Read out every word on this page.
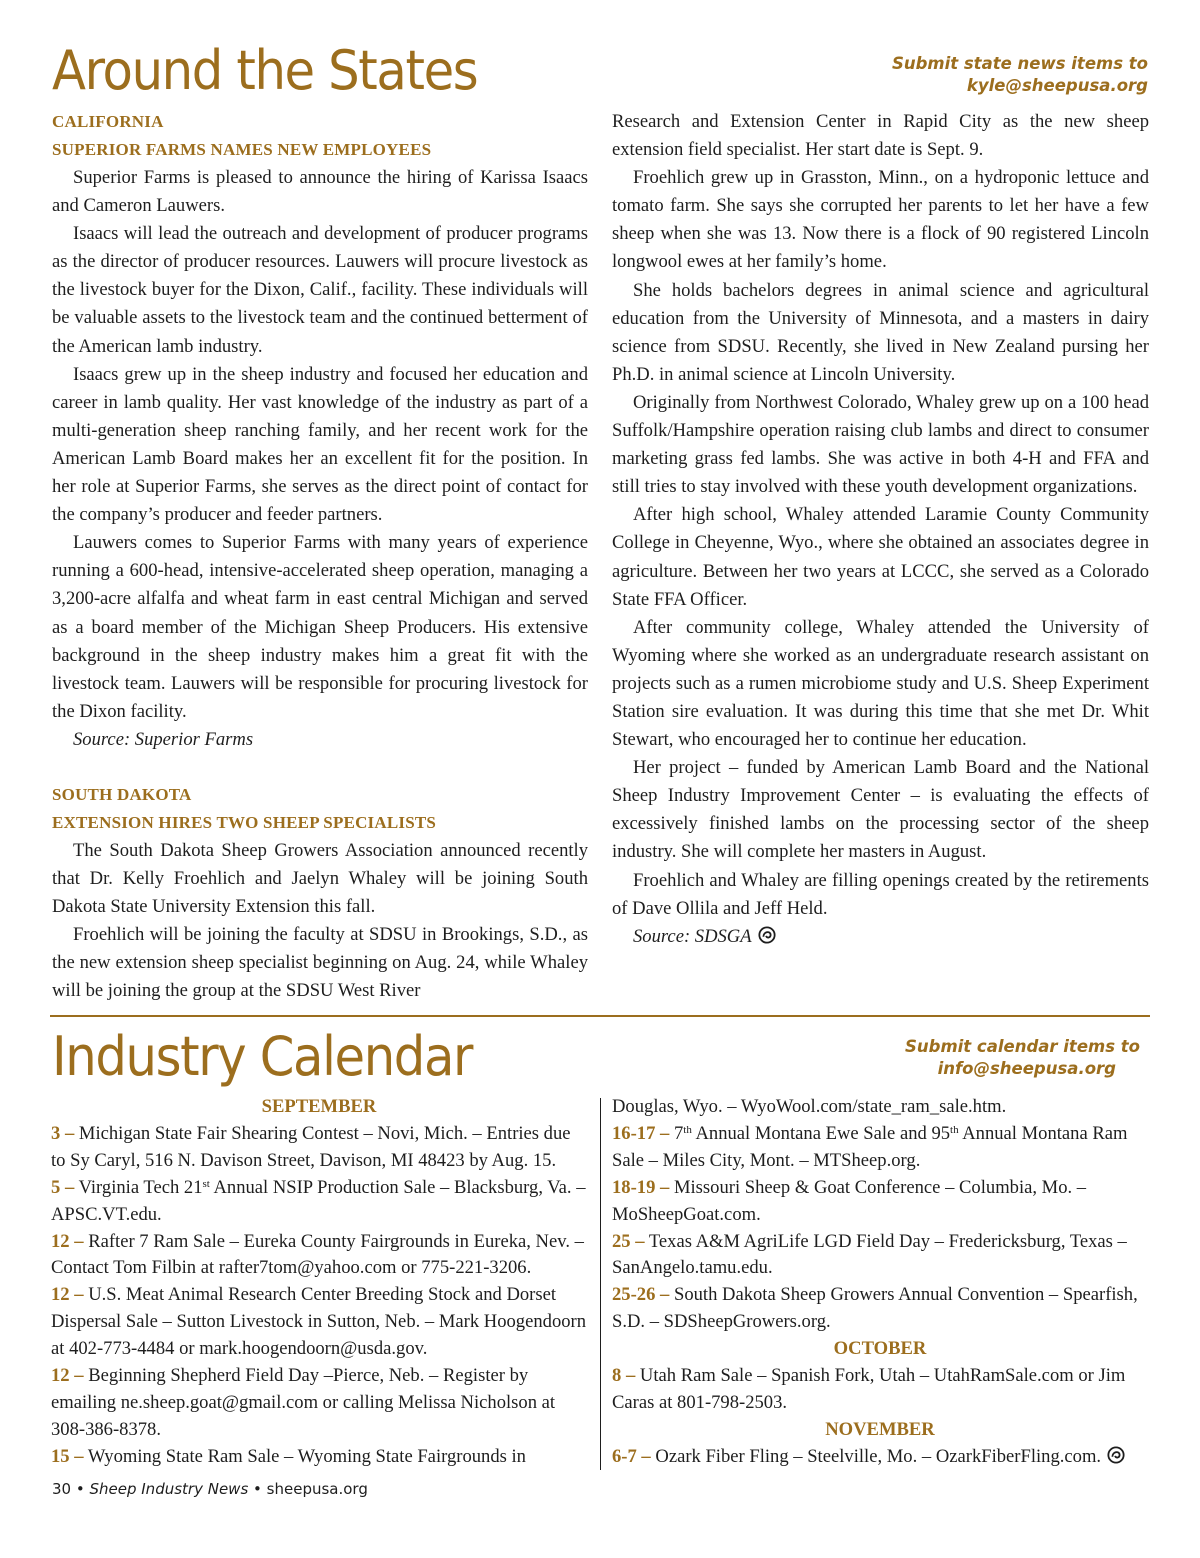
Around the States	Submit state news items to
kyle@sheepusa.org
CALIFORNIA
SUPERIOR FARMS NAMES NEW EMPLOYEES

Superior Farms is pleased to announce the hiring of Karissa Isaacs and Cameron Lauwers.

Isaacs will lead the outreach and development of producer programs as the director of producer resources. Lauwers will procure livestock as the livestock buyer for the Dixon, Calif., facility. These individuals will be valuable assets to the livestock team and the continued betterment of the American lamb industry.

Isaacs grew up in the sheep industry and focused her education and career in lamb quality. Her vast knowledge of the industry as part of a multi-generation sheep ranching family, and her recent work for the American Lamb Board makes her an excellent fit for the position. In her role at Superior Farms, she serves as the direct point of contact for the company’s producer and feeder partners.

Lauwers comes to Superior Farms with many years of experience running a 600-head, intensive-accelerated sheep operation, managing a 3,200-acre alfalfa and wheat farm in east central Michigan and served as a board member of the Michigan Sheep Producers. His extensive background in the sheep industry makes him a great fit with the livestock team. Lauwers will be responsible for procuring livestock for the Dixon facility.

Source: Superior Farms

SOUTH DAKOTA
EXTENSION HIRES TWO SHEEP SPECIALISTS

The South Dakota Sheep Growers Association announced recently that Dr. Kelly Froehlich and Jaelyn Whaley will be joining South Dakota State University Extension this fall.

Froehlich will be joining the faculty at SDSU in Brookings, S.D., as the new extension sheep specialist beginning on Aug. 24, while Whaley will be joining the group at the SDSU West River

Research and Extension Center in Rapid City as the new sheep extension field specialist. Her start date is Sept. 9.

Froehlich grew up in Grasston, Minn., on a hydroponic lettuce and tomato farm. She says she corrupted her parents to let her have a few sheep when she was 13. Now there is a flock of 90 registered Lincoln longwool ewes at her family’s home.

She holds bachelors degrees in animal science and agricultural education from the University of Minnesota, and a masters in dairy science from SDSU. Recently, she lived in New Zealand pursing her Ph.D. in animal science at Lincoln University.

Originally from Northwest Colorado, Whaley grew up on a 100 head Suffolk/Hampshire operation raising club lambs and direct to consumer marketing grass fed lambs. She was active in both 4-H and FFA and still tries to stay involved with these youth development organizations.

After high school, Whaley attended Laramie County Community College in Cheyenne, Wyo., where she obtained an associates degree in agriculture. Between her two years at LCCC, she served as a Colorado State FFA Officer.

After community college, Whaley attended the University of Wyoming where she worked as an undergraduate research assistant on projects such as a rumen microbiome study and U.S. Sheep Experiment Station sire evaluation. It was during this time that she met Dr. Whit Stewart, who encouraged her to continue her education.

Her project – funded by American Lamb Board and the National Sheep Industry Improvement Center – is evaluating the effects of excessively finished lambs on the processing sector of the sheep industry. She will complete her masters in August.

Froehlich and Whaley are filling openings created by the retirements of Dave Ollila and Jeff Held.

Source: SDSGA

Industry Calendar	Submit calendar items to
info@sheepusa.org
SEPTEMBER

3 – Michigan State Fair Shearing Contest – Novi, Mich. – Entries due to Sy Caryl, 516 N. Davison Street, Davison, MI 48423 by Aug. 15.

5 – Virginia Tech 21st Annual NSIP Production Sale – Blacksburg, Va. – APSC.VT.edu.

12 – Rafter 7 Ram Sale – Eureka County Fairgrounds in Eureka, Nev. – Contact Tom Filbin at rafter7tom@yahoo.com or 775-221-3206.

12 – U.S. Meat Animal Research Center Breeding Stock and Dorset Dispersal Sale – Sutton Livestock in Sutton, Neb. – Mark Hoogendoorn at 402-773-4484 or mark.hoogendoorn@usda.gov.

12 – Beginning Shepherd Field Day –Pierce, Neb. – Register by emailing ne.sheep.goat@gmail.com or calling Melissa Nicholson at 308-386-8378.

15 – Wyoming State Ram Sale – Wyoming State Fairgrounds in

Douglas, Wyo. – WyoWool.com/state_ram_sale.htm.

16-17 – 7th Annual Montana Ewe Sale and 95th Annual Montana Ram Sale – Miles City, Mont. – MTSheep.org.

18-19 – Missouri Sheep & Goat Conference – Columbia, Mo. – MoSheepGoat.com.

25 – Texas A&M AgriLife LGD Field Day – Fredericksburg, Texas – SanAngelo.tamu.edu.

25-26 – South Dakota Sheep Growers Annual Convention – Spearfish, S.D. – SDSheepGrowers.org.

OCTOBER

8 – Utah Ram Sale – Spanish Fork, Utah – UtahRamSale.com or Jim Caras at 801-798-2503.

NOVEMBER

6-7 – Ozark Fiber Fling – Steelville, Mo. – OzarkFiberFling.com.

30 • Sheep Industry News • sheepusa.org
